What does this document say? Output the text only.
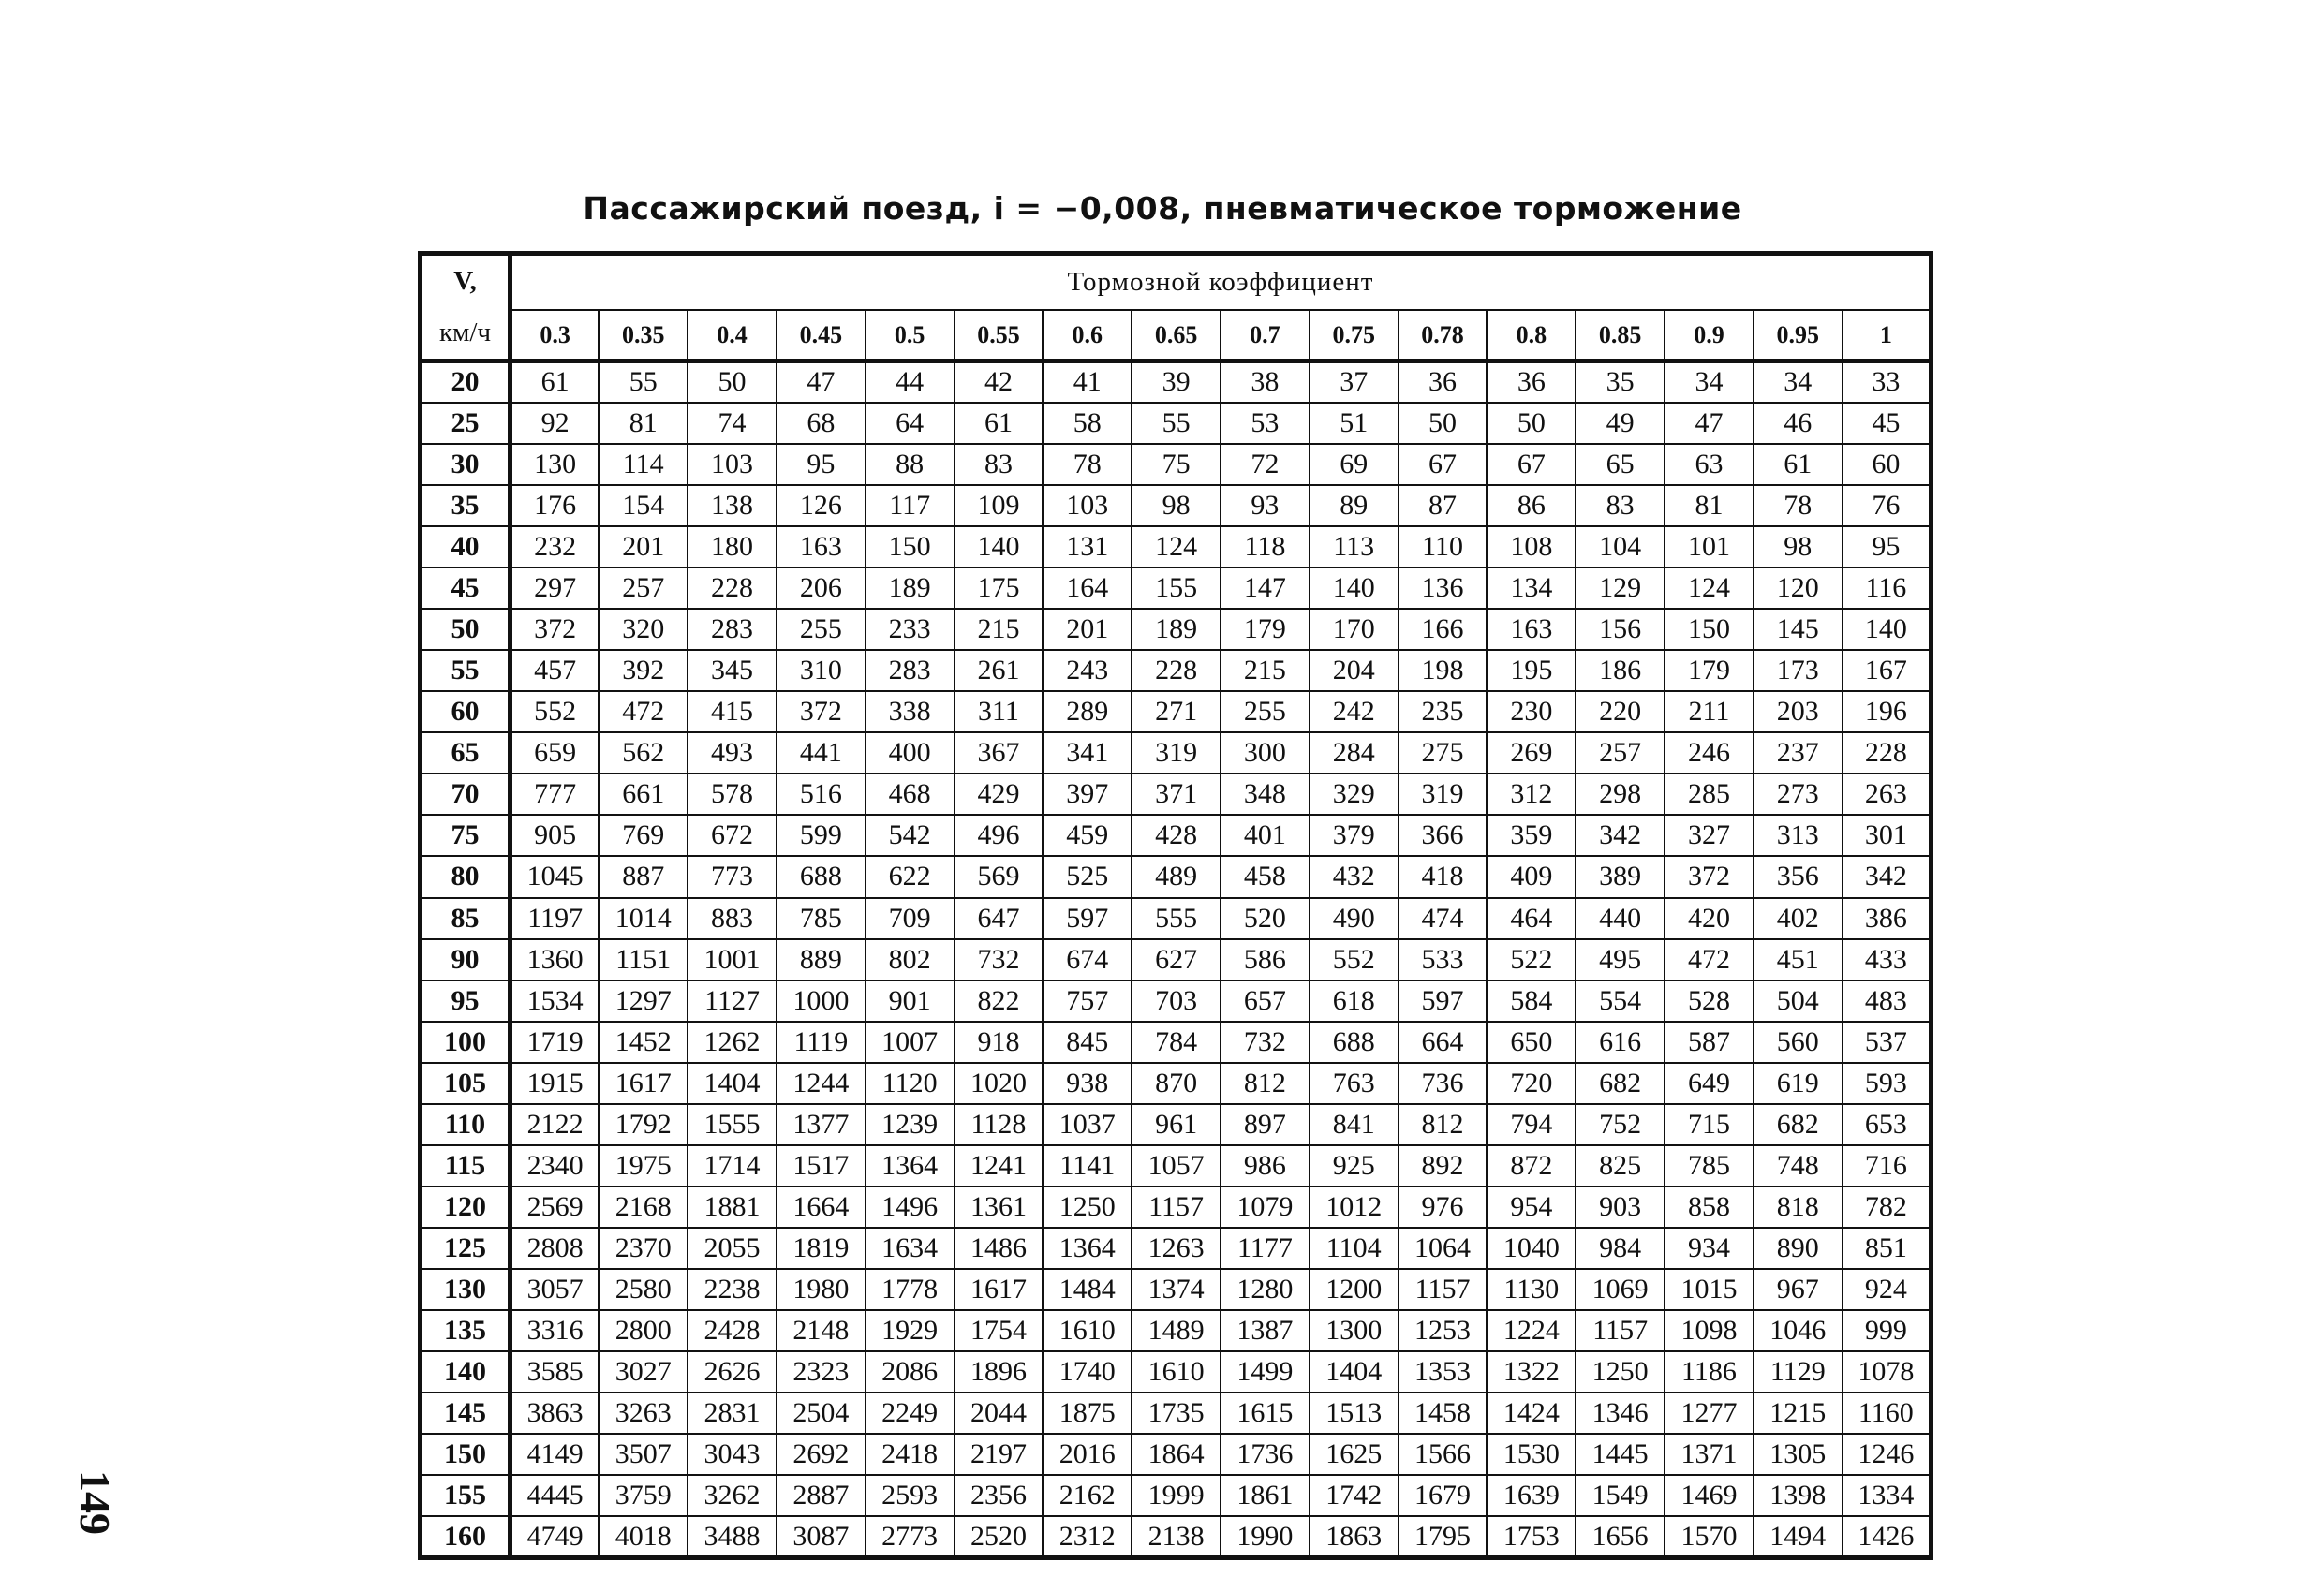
Пассажирский поезд, i = −0,008, пневматическое торможение
V,
км/ч	Тормозной коэффициент															
	0.3	0.35	0.4	0.45	0.5	0.55	0.6	0.65	0.7	0.75	0.78	0.8	0.85	0.9	0.95	1
20	61	55	50	47	44	42	41	39	38	37	36	36	35	34	34	33
25	92	81	74	68	64	61	58	55	53	51	50	50	49	47	46	45
30	130	114	103	95	88	83	78	75	72	69	67	67	65	63	61	60
35	176	154	138	126	117	109	103	98	93	89	87	86	83	81	78	76
40	232	201	180	163	150	140	131	124	118	113	110	108	104	101	98	95
45	297	257	228	206	189	175	164	155	147	140	136	134	129	124	120	116
50	372	320	283	255	233	215	201	189	179	170	166	163	156	150	145	140
55	457	392	345	310	283	261	243	228	215	204	198	195	186	179	173	167
60	552	472	415	372	338	311	289	271	255	242	235	230	220	211	203	196
65	659	562	493	441	400	367	341	319	300	284	275	269	257	246	237	228
70	777	661	578	516	468	429	397	371	348	329	319	312	298	285	273	263
75	905	769	672	599	542	496	459	428	401	379	366	359	342	327	313	301
80	1045	887	773	688	622	569	525	489	458	432	418	409	389	372	356	342
85	1197	1014	883	785	709	647	597	555	520	490	474	464	440	420	402	386
90	1360	1151	1001	889	802	732	674	627	586	552	533	522	495	472	451	433
95	1534	1297	1127	1000	901	822	757	703	657	618	597	584	554	528	504	483
100	1719	1452	1262	1119	1007	918	845	784	732	688	664	650	616	587	560	537
105	1915	1617	1404	1244	1120	1020	938	870	812	763	736	720	682	649	619	593
110	2122	1792	1555	1377	1239	1128	1037	961	897	841	812	794	752	715	682	653
115	2340	1975	1714	1517	1364	1241	1141	1057	986	925	892	872	825	785	748	716
120	2569	2168	1881	1664	1496	1361	1250	1157	1079	1012	976	954	903	858	818	782
125	2808	2370	2055	1819	1634	1486	1364	1263	1177	1104	1064	1040	984	934	890	851
130	3057	2580	2238	1980	1778	1617	1484	1374	1280	1200	1157	1130	1069	1015	967	924
135	3316	2800	2428	2148	1929	1754	1610	1489	1387	1300	1253	1224	1157	1098	1046	999
140	3585	3027	2626	2323	2086	1896	1740	1610	1499	1404	1353	1322	1250	1186	1129	1078
145	3863	3263	2831	2504	2249	2044	1875	1735	1615	1513	1458	1424	1346	1277	1215	1160
150	4149	3507	3043	2692	2418	2197	2016	1864	1736	1625	1566	1530	1445	1371	1305	1246
155	4445	3759	3262	2887	2593	2356	2162	1999	1861	1742	1679	1639	1549	1469	1398	1334
160	4749	4018	3488	3087	2773	2520	2312	2138	1990	1863	1795	1753	1656	1570	1494	1426
149
